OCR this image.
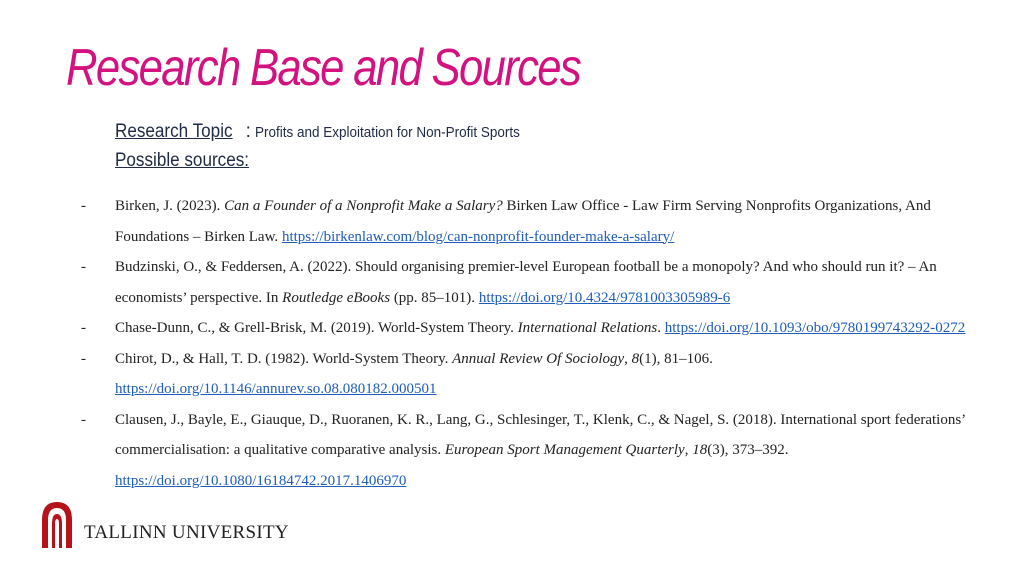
Research Base and Sources
Research Topic : Profits and Exploitation for Non-Profit Sports
Possible sources:
- Birken, J. (2023). Can a Founder of a Nonprofit Make a Salary? Birken Law Office - Law Firm Serving Nonprofits Organizations, And Foundations – Birken Law. https://birkenlaw.com/blog/can-nonprofit-founder-make-a-salary/
- Budzinski, O., & Feddersen, A. (2022). Should organising premier-level European football be a monopoly? And who should run it? – An economists’ perspective. In Routledge eBooks (pp. 85–101). https://doi.org/10.4324/9781003305989-6
- Chase-Dunn, C., & Grell-Brisk, M. (2019). World-System Theory. International Relations. https://doi.org/10.1093/obo/9780199743292-0272
- Chirot, D., & Hall, T. D. (1982). World-System Theory. Annual Review Of Sociology, 8(1), 81–106. https://doi.org/10.1146/annurev.so.08.080182.000501
- Clausen, J., Bayle, E., Giauque, D., Ruoranen, K. R., Lang, G., Schlesinger, T., Klenk, C., & Nagel, S. (2018). International sport federations’ commercialisation: a qualitative comparative analysis. European Sport Management Quarterly, 18(3), 373–392. https://doi.org/10.1080/16184742.2017.1406970
TALLINN UNIVERSITY
